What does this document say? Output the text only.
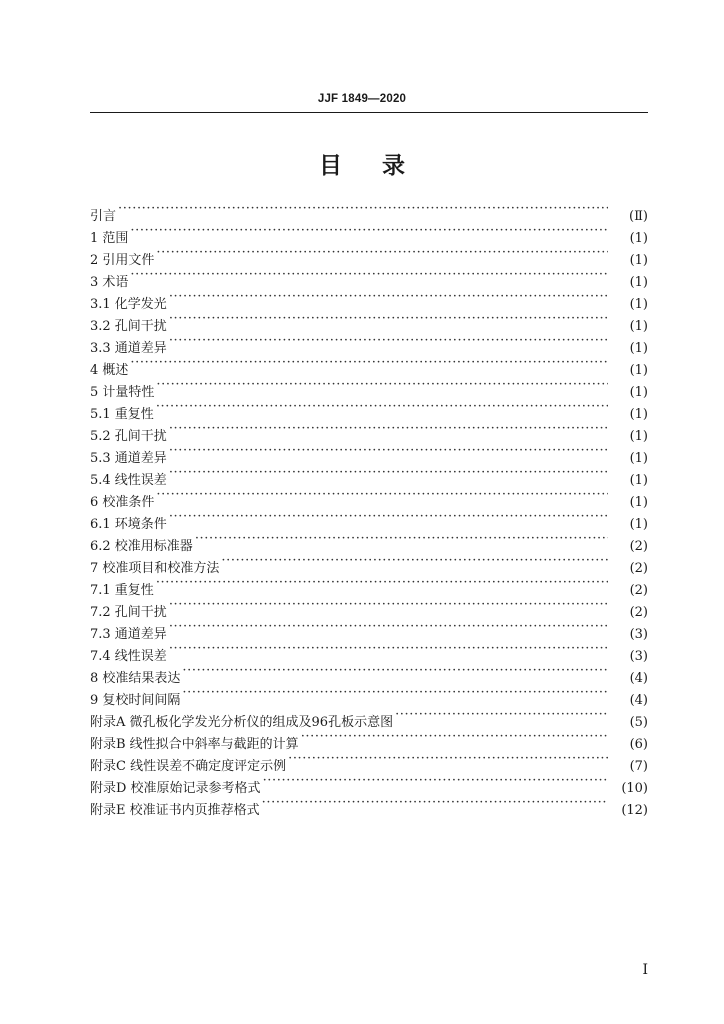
JJF 1849—2020
目 录
引言 ·····	(Ⅱ)
1 范围 ·····	(1)
2 引用文件 ·····	(1)
3 术语 ·····	(1)
3.1 化学发光 ·····	(1)
3.2 孔间干扰 ·····	(1)
3.3 通道差异 ·····	(1)
4 概述 ·····	(1)
5 计量特性 ·····	(1)
5.1 重复性 ·····	(1)
5.2 孔间干扰 ·····	(1)
5.3 通道差异 ·····	(1)
5.4 线性误差 ·····	(1)
6 校准条件 ·····	(1)
6.1 环境条件 ·····	(1)
6.2 校准用标准器 ·····	(2)
7 校准项目和校准方法 ·····	(2)
7.1 重复性 ·····	(2)
7.2 孔间干扰 ·····	(2)
7.3 通道差异 ·····	(3)
7.4 线性误差 ·····	(3)
8 校准结果表达 ·····	(4)
9 复校时间间隔 ·····	(4)
附录A 微孔板化学发光分析仪的组成及96孔板示意图 ·····	(5)
附录B 线性拟合中斜率与截距的计算 ·····	(6)
附录C 线性误差不确定度评定示例 ·····	(7)
附录D 校准原始记录参考格式 ·····	(10)
附录E 校准证书内页推荐格式 ·····	(12)
I
